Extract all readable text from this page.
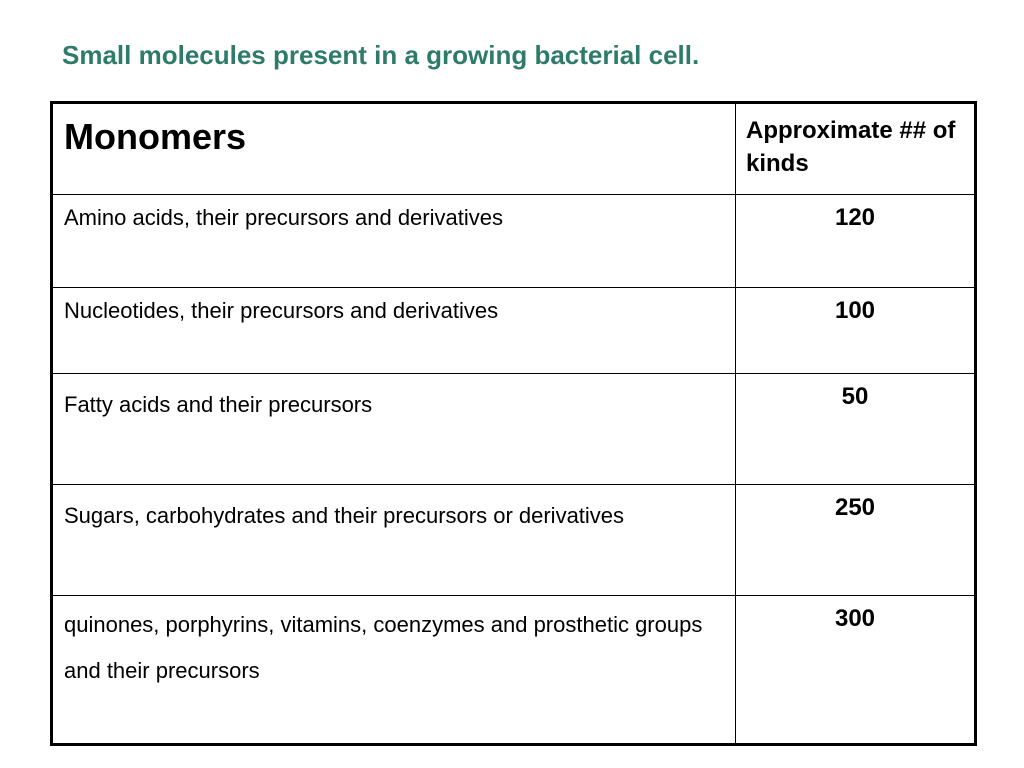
Small molecules present in a growing bacterial cell.
Monomers	Approximate ## of kinds
Amino acids, their precursors and derivatives	120
Nucleotides, their precursors and derivatives	100
Fatty acids and their precursors	50
Sugars, carbohydrates and their precursors or derivatives	250
quinones, porphyrins, vitamins, coenzymes and prosthetic groups and their precursors	300
